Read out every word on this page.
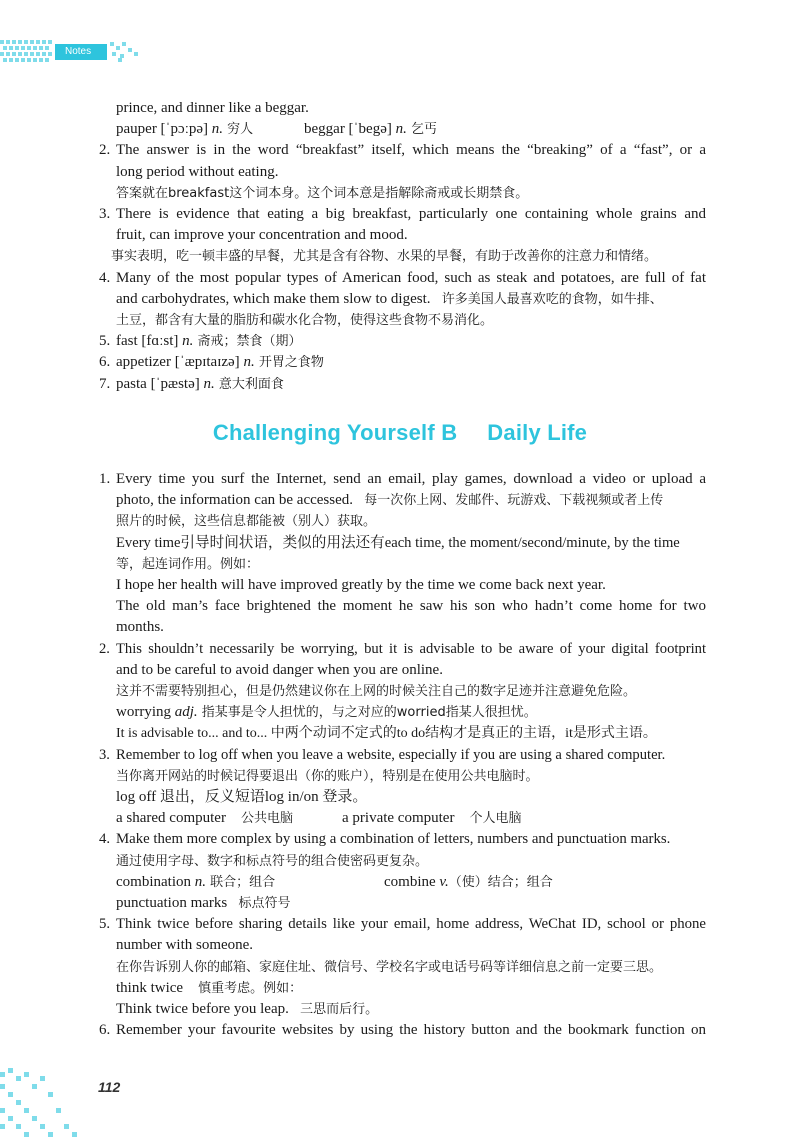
Notes
prince, and dinner like a beggar.
pauper [ˈpɔːpə] n. 穷人	beggar [ˈbegə] n. 乞丐
2. The answer is in the word “breakfast” itself, which means the “breaking” of a “fast”, or a
long period without eating.
答案就在breakfast这个词本身。这个词本意是指解除斋戒或长期禁食。
3. There is evidence that eating a big breakfast, particularly one containing whole grains and
fruit, can improve your concentration and mood.
事实表明，吃一顿丰盛的早餐，尤其是含有谷物、水果的早餐，有助于改善你的注意力和情绪。
4. Many of the most popular types of American food, such as steak and potatoes, are full of fat
and carbohydrates, which make them slow to digest. 许多美国人最喜欢吃的食物，如牛排、
土豆，都含有大量的脂肪和碳水化合物，使得这些食物不易消化。
5. fast [fɑːst] n. 斋戒；禁食（期）
6. appetizer [ˈæpɪtaɪzə] n. 开胃之食物
7. pasta [ˈpæstə] n. 意大利面食
Challenging Yourself B Daily Life
1. Every time you surf the Internet, send an email, play games, download a video or upload a
photo, the information can be accessed. 每一次你上网、发邮件、玩游戏、下载视频或者上传
照片的时候，这些信息都能被（别人）获取。
Every time引导时间状语，类似的用法还有each time, the moment/second/minute, by the time
等，起连词作用。例如：
I hope her health will have improved greatly by the time we come back next year.
The old man’s face brightened the moment he saw his son who hadn’t come home for two
months.
2. This shouldn’t necessarily be worrying, but it is advisable to be aware of your digital footprint
and to be careful to avoid danger when you are online.
这并不需要特别担心，但是仍然建议你在上网的时候关注自己的数字足迹并注意避免危险。
worrying adj. 指某事是令人担忧的，与之对应的worried指某人很担忧。
It is advisable to... and to... 中两个动词不定式的to do结构才是真正的主语，it是形式主语。
3. Remember to log off when you leave a website, especially if you are using a shared computer.
当你离开网站的时候记得要退出（你的账户），特别是在使用公共电脑时。
log off 退出，反义短语log in/on 登录。
a shared computer 公共电脑	a private computer 个人电脑
4. Make them more complex by using a combination of letters, numbers and punctuation marks.
通过使用字母、数字和标点符号的组合使密码更复杂。
combination n. 联合；组合	combine v.（使）结合；组合
punctuation marks 标点符号
5. Think twice before sharing details like your email, home address, WeChat ID, school or phone
number with someone.
在你告诉别人你的邮箱、家庭住址、微信号、学校名字或电话号码等详细信息之前一定要三思。
think twice 慎重考虑。例如：
Think twice before you leap. 三思而后行。
6. Remember your favourite websites by using the history button and the bookmark function on
112
